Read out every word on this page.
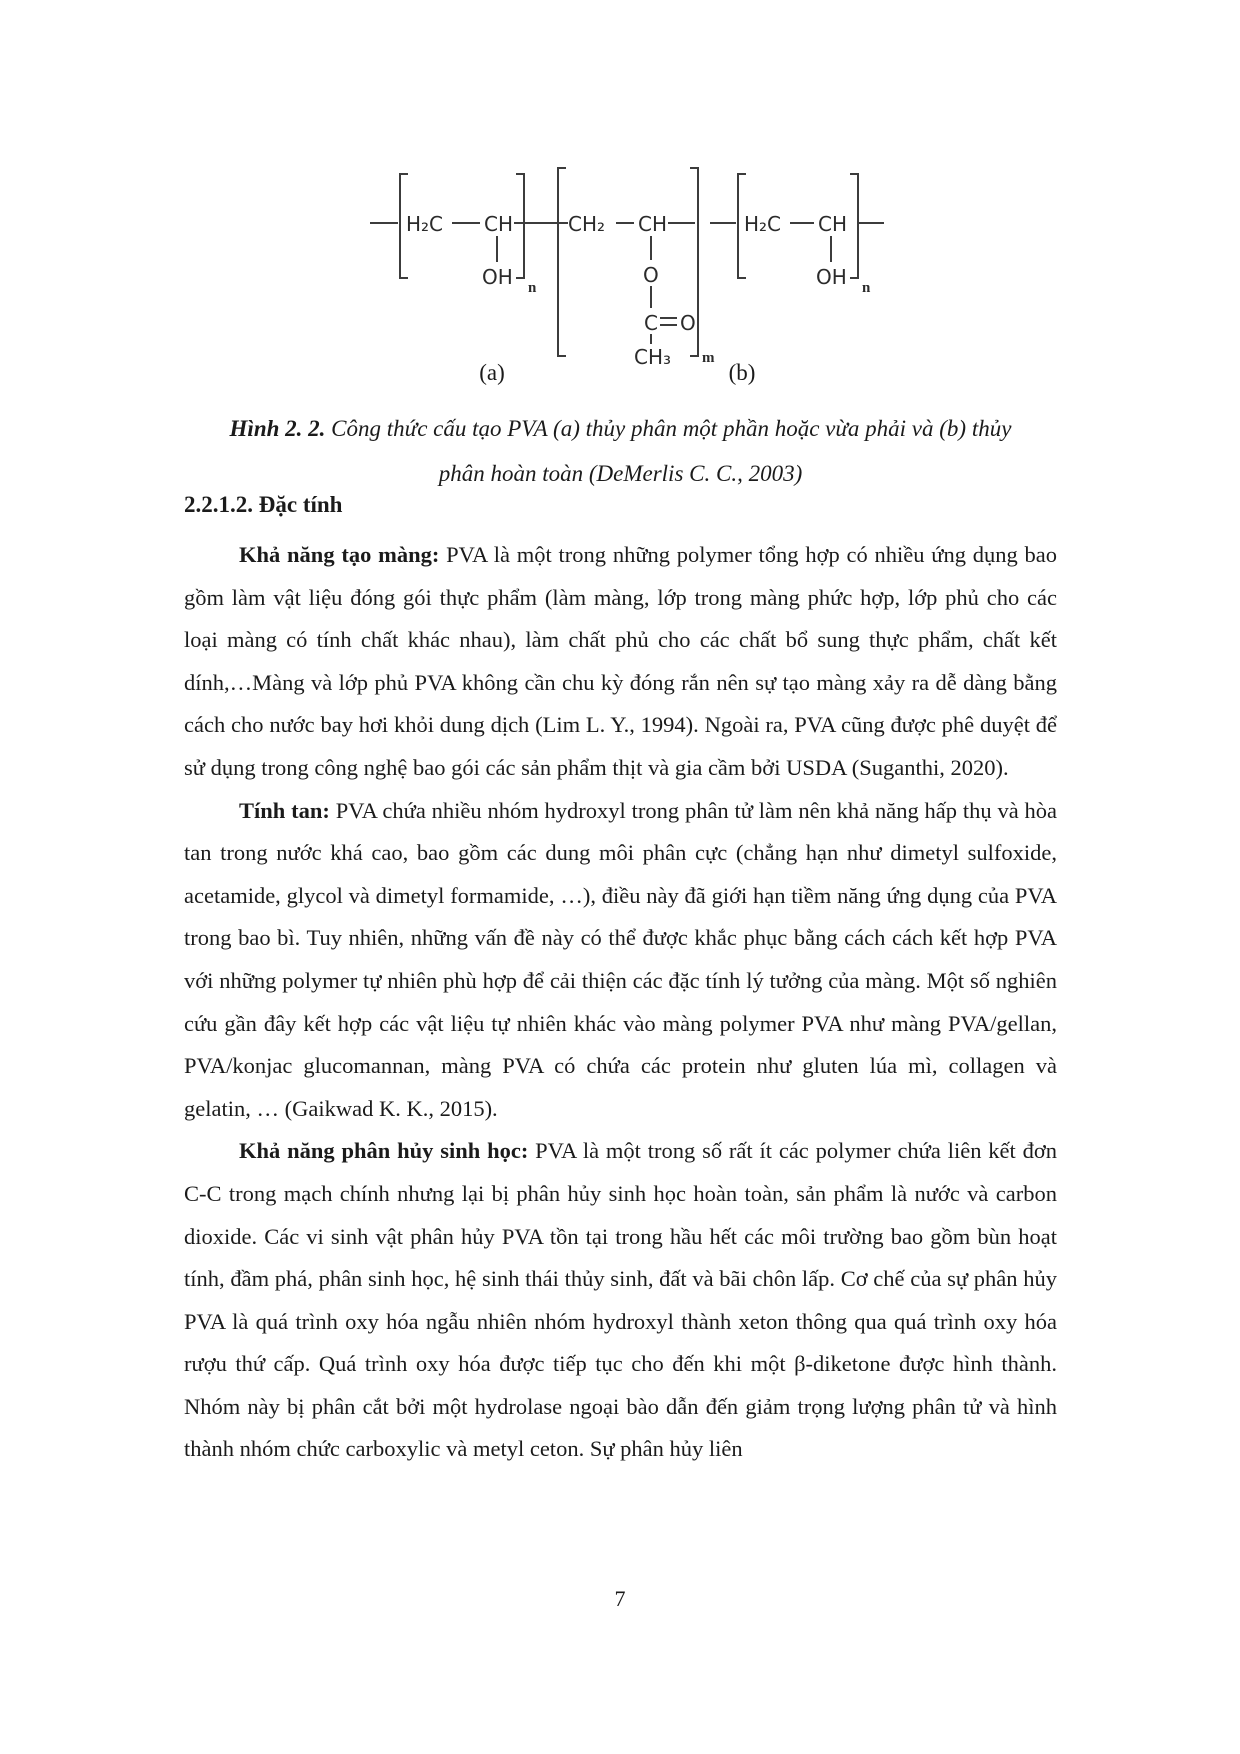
H₂C CH
OH n
CH₂ CH
m
O
C O
CH₃
H₂C CH
OH n
(a)	(b)

Hình 2. 2. Công thức cấu tạo PVA (a) thủy phân một phần hoặc vừa phải và (b) thủy
phân hoàn toàn (DeMerlis C. C., 2003)

2.2.1.2. Đặc tính

Khả năng tạo màng: PVA là một trong những polymer tổng hợp có nhiều ứng dụng bao gồm làm vật liệu đóng gói thực phẩm (làm màng, lớp trong màng phức hợp, lớp phủ cho các loại màng có tính chất khác nhau), làm chất phủ cho các chất bổ sung thực phẩm, chất kết dính,…Màng và lớp phủ PVA không cần chu kỳ đóng rắn nên sự tạo màng xảy ra dễ dàng bằng cách cho nước bay hơi khỏi dung dịch (Lim L. Y., 1994). Ngoài ra, PVA cũng được phê duyệt để sử dụng trong công nghệ bao gói các sản phẩm thịt và gia cầm bởi USDA (Suganthi, 2020).

Tính tan: PVA chứa nhiều nhóm hydroxyl trong phân tử làm nên khả năng hấp thụ và hòa tan trong nước khá cao, bao gồm các dung môi phân cực (chẳng hạn như dimetyl sulfoxide, acetamide, glycol và dimetyl formamide, …), điều này đã giới hạn tiềm năng ứng dụng của PVA trong bao bì. Tuy nhiên, những vấn đề này có thể được khắc phục bằng cách cách kết hợp PVA với những polymer tự nhiên phù hợp để cải thiện các đặc tính lý tưởng của màng. Một số nghiên cứu gần đây kết hợp các vật liệu tự nhiên khác vào màng polymer PVA như màng PVA/gellan, PVA/konjac glucomannan, màng PVA có chứa các protein như gluten lúa mì, collagen và gelatin, … (Gaikwad K. K., 2015).

Khả năng phân hủy sinh học: PVA là một trong số rất ít các polymer chứa liên kết đơn C-C trong mạch chính nhưng lại bị phân hủy sinh học hoàn toàn, sản phẩm là nước và carbon dioxide. Các vi sinh vật phân hủy PVA tồn tại trong hầu hết các môi trường bao gồm bùn hoạt tính, đầm phá, phân sinh học, hệ sinh thái thủy sinh, đất và bãi chôn lấp. Cơ chế của sự phân hủy PVA là quá trình oxy hóa ngẫu nhiên nhóm hydroxyl thành xeton thông qua quá trình oxy hóa rượu thứ cấp. Quá trình oxy hóa được tiếp tục cho đến khi một β-diketone được hình thành. Nhóm này bị phân cắt bởi một hydrolase ngoại bào dẫn đến giảm trọng lượng phân tử và hình thành nhóm chức carboxylic và metyl ceton. Sự phân hủy liên

7
